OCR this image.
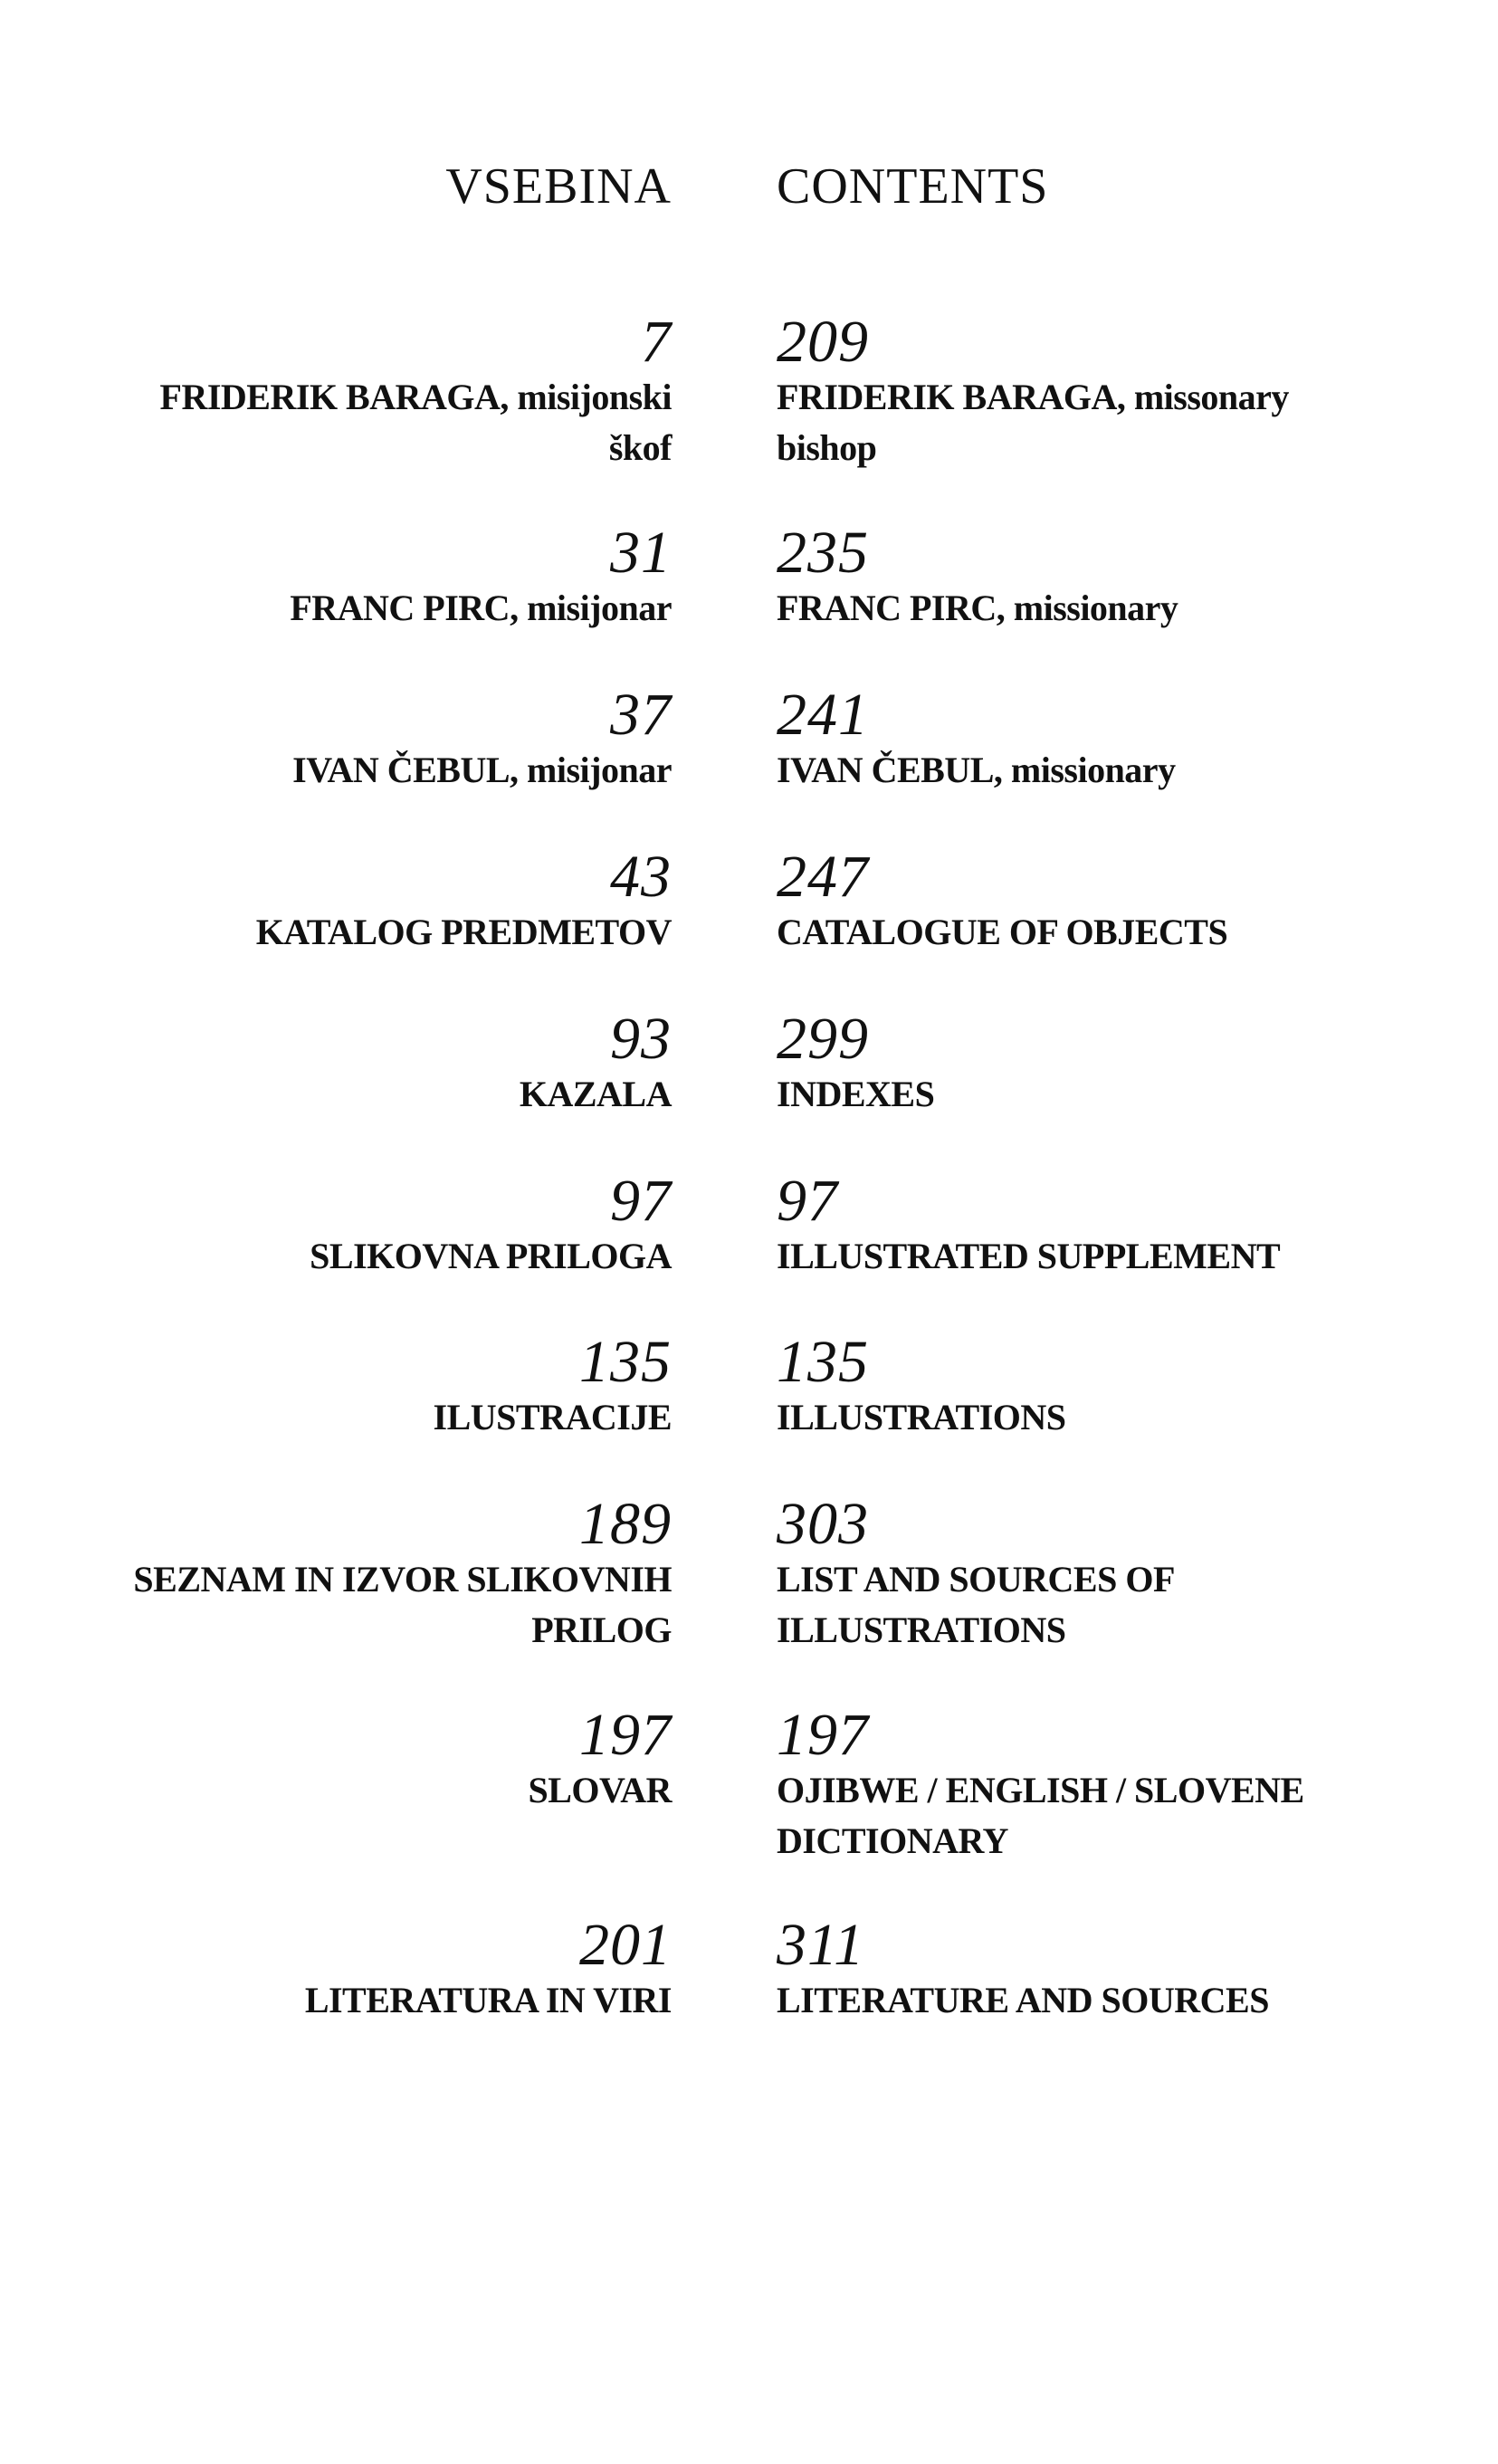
VSEBINA CONTENTS

7

FRIDERIK BARAGA, misijonski
škof

209

FRIDERIK BARAGA, missonary
bishop

31

FRANC PIRC, misijonar

235

FRANC PIRC, missionary

37

IVAN ČEBUL, misijonar

241

IVAN ČEBUL, missionary

43

KATALOG PREDMETOV

247

CATALOGUE OF OBJECTS

93

KAZALA

299

INDEXES

97

SLIKOVNA PRILOGA

97

ILLUSTRATED SUPPLEMENT

135

ILUSTRACIJE

135

ILLUSTRATIONS

189

SEZNAM IN IZVOR SLIKOVNIH
PRILOG

303

LIST AND SOURCES OF
ILLUSTRATIONS

197

SLOVAR

197

OJIBWE / ENGLISH / SLOVENE
DICTIONARY

201

LITERATURA IN VIRI

311

LITERATURE AND SOURCES
